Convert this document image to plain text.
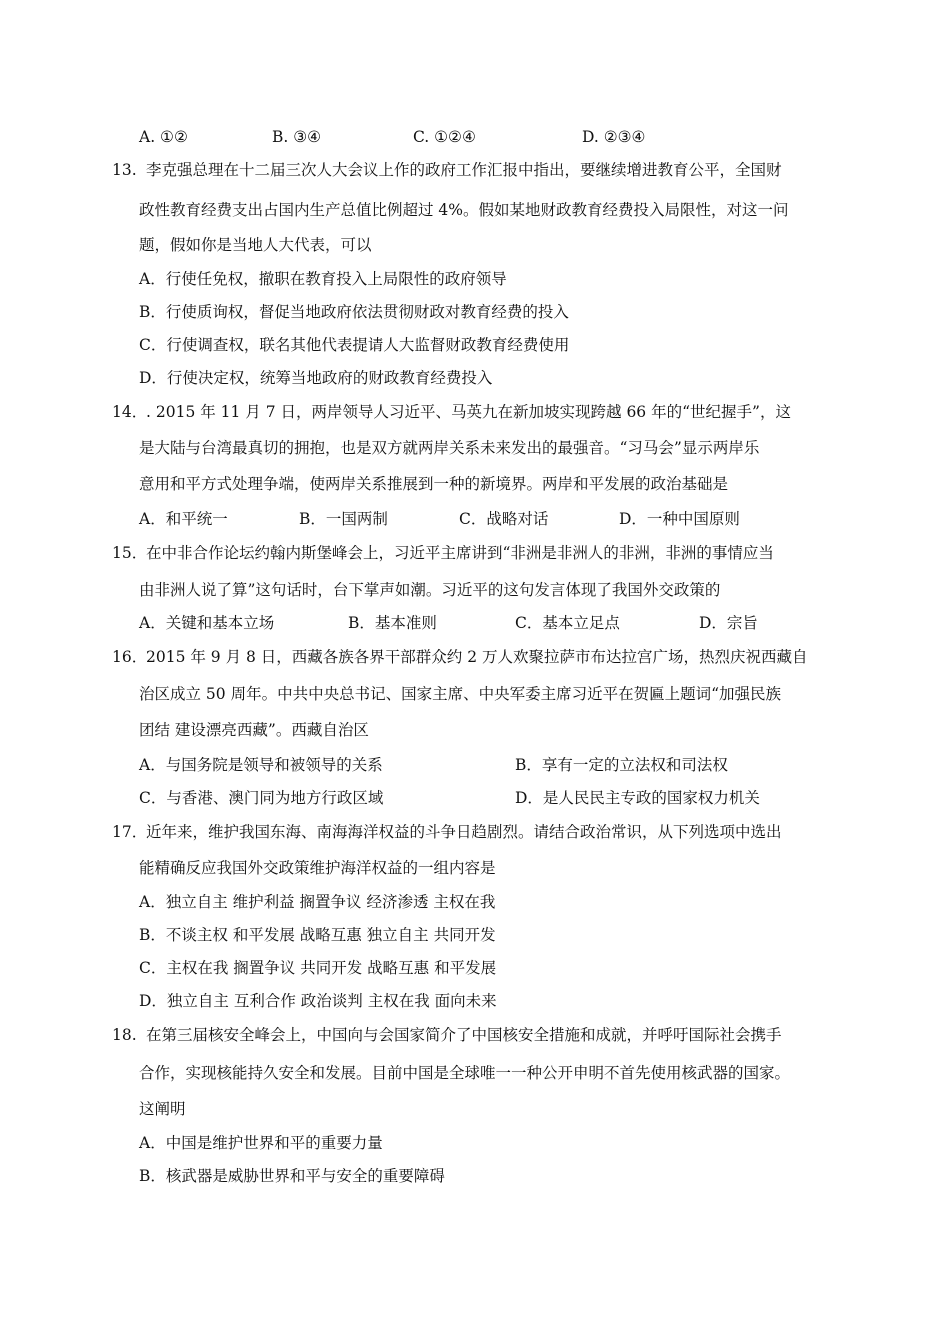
A. ①②	B. ③④	C. ①②④	D. ②③④
13. 李克强总理在十二届三次人大会议上作的政府工作汇报中指出，要继续增进教育公平，全国财
政性教育经费支出占国内生产总值比例超过 4%。假如某地财政教育经费投入局限性，对这一问
题，假如你是当地人大代表，可以
A．行使任免权，撤职在教育投入上局限性的政府领导
B．行使质询权，督促当地政府依法贯彻财政对教育经费的投入
C．行使调查权，联名其他代表提请人大监督财政教育经费使用
D．行使决定权，统筹当地政府的财政教育经费投入
14．
. 2015 年 11 月 7 日，两岸领导人习近平、马英九在新加坡实现跨越 66 年的“世纪握手”，这
是大陆与台湾最真切的拥抱，也是双方就两岸关系未来发出的最强音。“习马会”显示两岸乐
意用和平方式处理争端，使两岸关系推展到一种的新境界。两岸和平发展的政治基础是
A．和平统一	B．一国两制	C．战略对话	D．一种中国原则
15．
在中非合作论坛约翰内斯堡峰会上，习近平主席讲到“非洲是非洲人的非洲，非洲的事情应当
由非洲人说了算”这句话时，台下掌声如潮。习近平的这句发言体现了我国外交政策的
A．关键和基本立场	B．基本准则	C．基本立足点	D．宗旨
16．
2015 年 9 月 8 日，西藏各族各界干部群众约 2 万人欢聚拉萨市布达拉宫广场，热烈庆祝西藏自
治区成立 50 周年。中共中央总书记、国家主席、中央军委主席习近平在贺匾上题词“加强民族
团结 建设漂亮西藏”。西藏自治区
A．与国务院是领导和被领导的关系	B．享有一定的立法权和司法权
C．与香港、澳门同为地方行政区域	D．是人民民主专政的国家权力机关
17．
近年来，维护我国东海、南海海洋权益的斗争日趋剧烈。请结合政治常识，从下列选项中选出
能精确反应我国外交政策维护海洋权益的一组内容是
A．独立自主 维护利益 搁置争议 经济渗透 主权在我
B．不谈主权 和平发展 战略互惠 独立自主 共同开发
C．主权在我 搁置争议 共同开发 战略互惠 和平发展
D．独立自主 互利合作 政治谈判 主权在我 面向未来
18. 在第三届核安全峰会上，中国向与会国家简介了中国核安全措施和成就，并呼吁国际社会携手
合作，实现核能持久安全和发展。目前中国是全球唯一一种公开申明不首先使用核武器的国家。
这阐明
A．中国是维护世界和平的重要力量
B．核武器是威胁世界和平与安全的重要障碍
